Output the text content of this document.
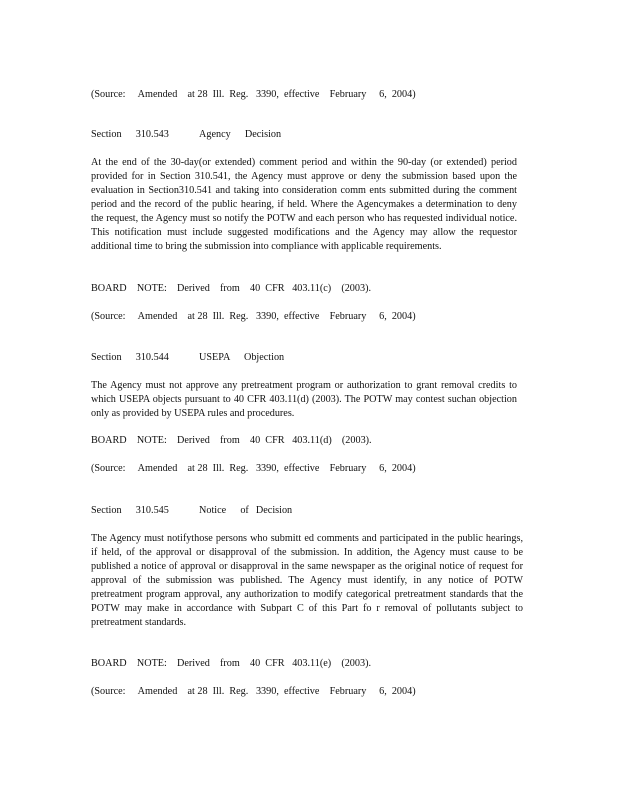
(Source:     Amended    at 28  Ill.  Reg.   3390,  effective    February     6,  2004)

Section    310.543	Agency    Decision

At the end of the 30-day(or extended) comment period and within the 90-day (or extended) period provided for in Section 310.541, the Agency must approve or deny the submission based upon the evaluation in Section310.541 and taking into consideration comm ents submitted during the comment period and the record of the public hearing, if held. Where the Agencymakes a determination to deny the request, the Agency must so notify the POTW and each person who has requested individual notice. This notification must include suggested modifications and the Agency may allow the requestor additional time to bring the submission into compliance with applicable requirements.

BOARD    NOTE:    Derived    from    40  CFR   403.11(c)    (2003).

(Source:     Amended    at 28  Ill.  Reg.   3390,  effective    February     6,  2004)

Section    310.544	USEPA    Objection

The Agency must not approve any pretreatment program or authorization to grant removal credits to which USEPA objects pursuant to 40 CFR 403.11(d) (2003). The POTW may contest suchan objection only as provided by USEPA rules and procedures.

BOARD    NOTE:    Derived    from    40  CFR   403.11(d)    (2003).

(Source:     Amended    at 28  Ill.  Reg.   3390,  effective    February     6,  2004)

Section    310.545	Notice    of  Decision

The Agency must notifythose persons who submitt ed comments and participated in the public hearings, if held, of the approval or disapproval of the submission. In addition, the Agency must cause to be published a notice of approval or disapproval in the same newspaper as the original notice of request for approval of the submission was published. The Agency must identify, in any notice of POTW pretreatment program approval, any authorization to modify categorical pretreatment standards that the POTW may make in accordance with Subpart C of this Part fo r removal of pollutants subject to pretreatment standards.

BOARD    NOTE:    Derived    from    40  CFR   403.11(e)    (2003).

(Source:     Amended    at 28  Ill.  Reg.   3390,  effective    February     6,  2004)
